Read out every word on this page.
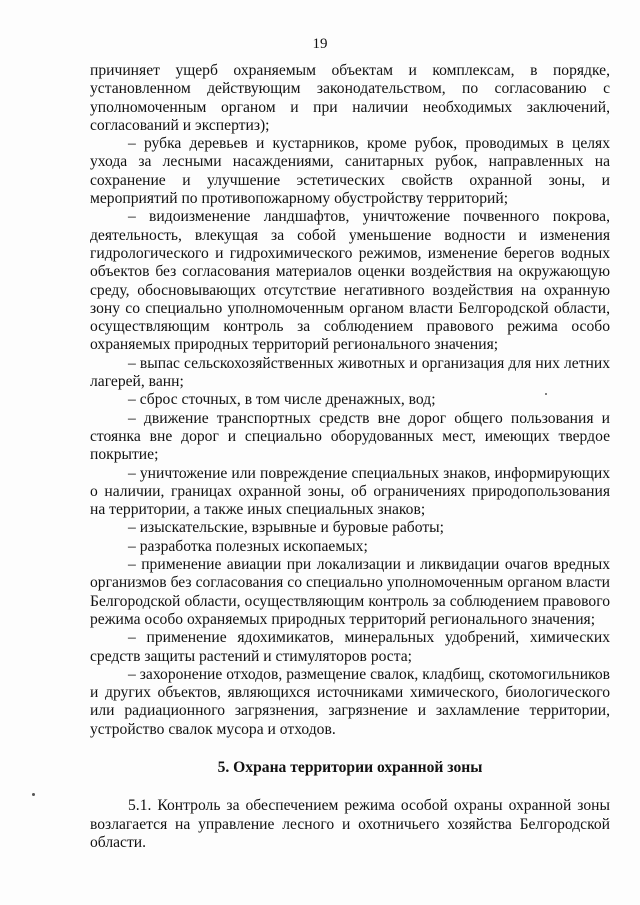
19

причиняет ущерб охраняемым объектам и комплексам, в порядке, установленном действующим законодательством, по согласованию с уполномоченным органом и при наличии необходимых заключений, согласований и экспертиз);

– рубка деревьев и кустарников, кроме рубок, проводимых в целях ухода за лесными насаждениями, санитарных рубок, направленных на сохранение и улучшение эстетических свойств охранной зоны, и мероприятий по противопожарному обустройству территорий;

– видоизменение ландшафтов, уничтожение почвенного покрова, деятельность, влекущая за собой уменьшение водности и изменения гидрологического и гидрохимического режимов, изменение берегов водных объектов без согласования материалов оценки воздействия на окружающую среду, обосновывающих отсутствие негативного воздействия на охранную зону со специально уполномоченным органом власти Белгородской области, осуществляющим контроль за соблюдением правового режима особо охраняемых природных территорий регионального значения;

– выпас сельскохозяйственных животных и организация для них летних лагерей, ванн;

– сброс сточных, в том числе дренажных, вод;

– движение транспортных средств вне дорог общего пользования и стоянка вне дорог и специально оборудованных мест, имеющих твердое покрытие;

– уничтожение или повреждение специальных знаков, информирующих о наличии, границах охранной зоны, об ограничениях природопользования на территории, а также иных специальных знаков;

– изыскательские, взрывные и буровые работы;

– разработка полезных ископаемых;

– применение авиации при локализации и ликвидации очагов вредных организмов без согласования со специально уполномоченным органом власти Белгородской области, осуществляющим контроль за соблюдением правового режима особо охраняемых природных территорий регионального значения;

– применение ядохимикатов, минеральных удобрений, химических средств защиты растений и стимуляторов роста;

– захоронение отходов, размещение свалок, кладбищ, скотомогильников и других объектов, являющихся источниками химического, биологического или радиационного загрязнения, загрязнение и захламление территории, устройство свалок мусора и отходов.

5. Охрана территории охранной зоны

5.1. Контроль за обеспечением режима особой охраны охранной зоны возлагается на управление лесного и охотничьего хозяйства Белгородской области.
